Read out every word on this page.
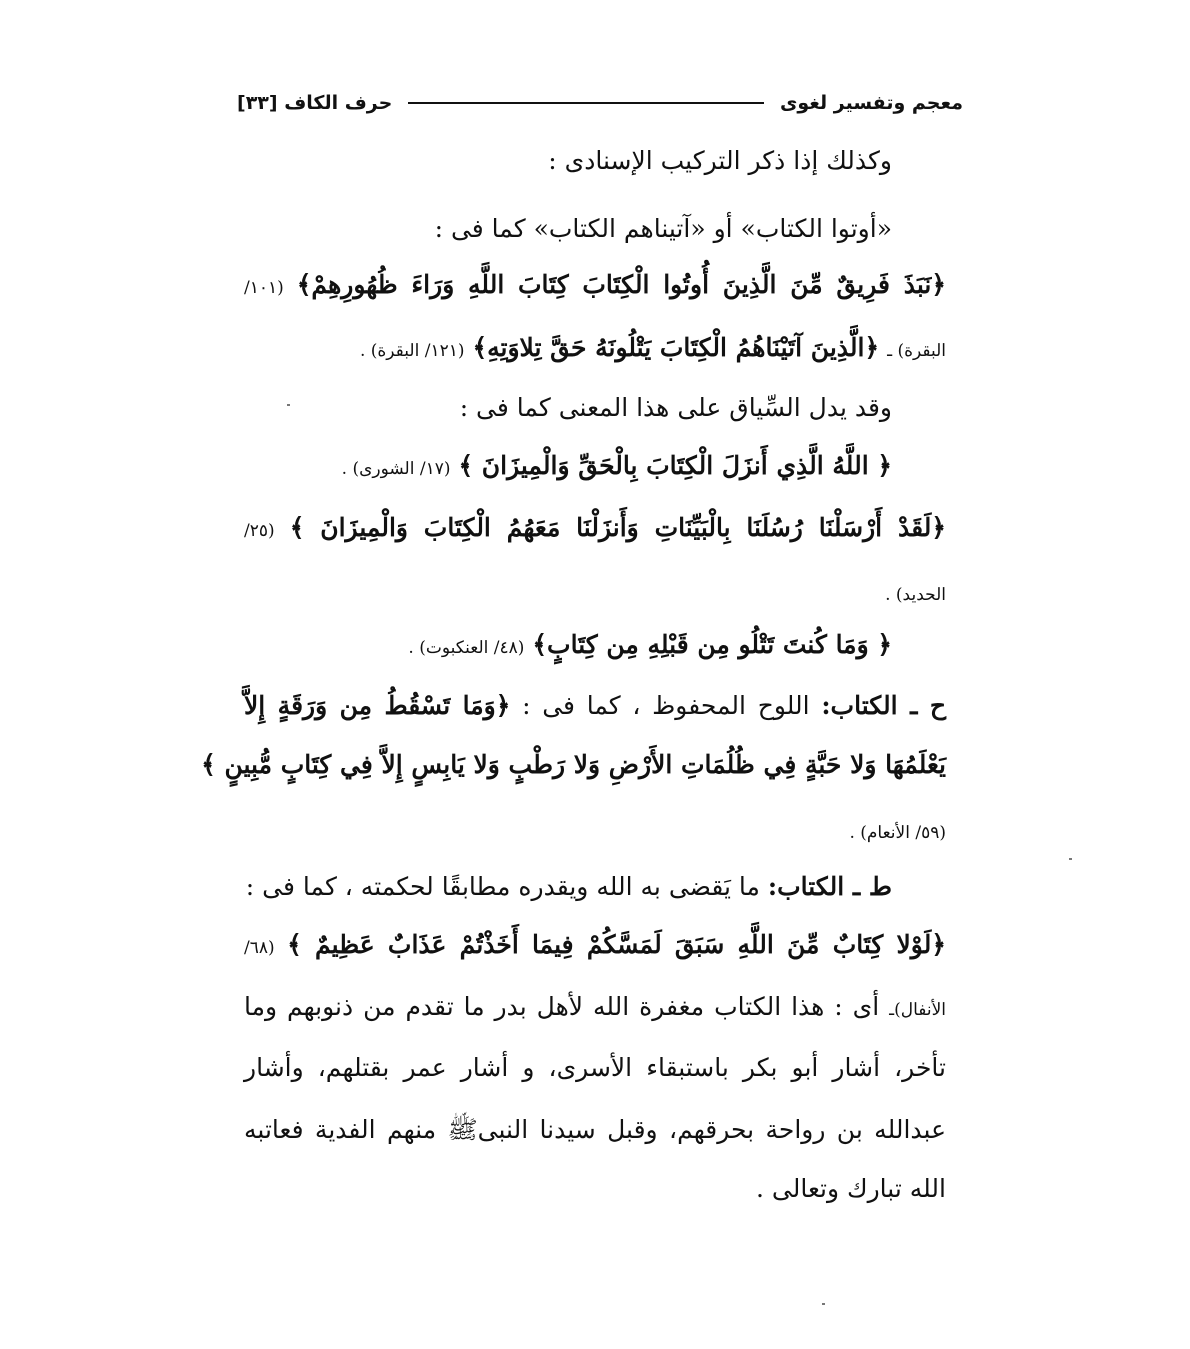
معجم وتفسير لغوى
حرف الكاف [٣٣]
وكذلك إذا ذكر التركيب الإسنادى :
«أوتوا الكتاب» أو «آتيناهم الكتاب» كما فى :
﴿نَبَذَ فَرِيقٌ مِّنَ الَّذِينَ أُوتُوا الْكِتَابَ كِتَابَ اللَّهِ وَرَاءَ ظُهُورِهِمْ﴾ (١٠١/
البقرة) ـ ﴿الَّذِينَ آتَيْنَاهُمُ الْكِتَابَ يَتْلُونَهُ حَقَّ تِلاوَتِهِ﴾ (١٢١/ البقرة) .
وقد يدل السِّياق على هذا المعنى كما فى :
﴿ اللَّهُ الَّذِي أَنزَلَ الْكِتَابَ بِالْحَقِّ وَالْمِيزَانَ ﴾ (١٧/ الشورى) .
﴿لَقَدْ أَرْسَلْنَا رُسُلَنَا بِالْبَيِّنَاتِ وَأَنزَلْنَا مَعَهُمُ الْكِتَابَ وَالْمِيزَانَ ﴾ (٢٥/
الحديد) .
﴿ وَمَا كُنتَ تَتْلُو مِن قَبْلِهِ مِن كِتَابٍ﴾ (٤٨/ العنكبوت) .
ح ـ الكتاب: اللوح المحفوظ ، كما فى : ﴿وَمَا تَسْقُطُ مِن وَرَقَةٍ إِلاَّ
يَعْلَمُهَا وَلا حَبَّةٍ فِي ظُلُمَاتِ الأَرْضِ وَلا رَطْبٍ وَلا يَابِسٍ إِلاَّ فِي كِتَابٍ مُّبِينٍ ﴾
(٥٩/ الأنعام) .
ط ـ الكتاب: ما يَقضى به الله ويقدره مطابقًا لحكمته ، كما فى :
﴿لَوْلا كِتَابٌ مِّنَ اللَّهِ سَبَقَ لَمَسَّكُمْ فِيمَا أَخَذْتُمْ عَذَابٌ عَظِيمٌ ﴾ (٦٨/
الأنفال)ـ أى : هذا الكتاب مغفرة الله لأهل بدر ما تقدم من ذنوبهم وما
تأخر، أشار أبو بكر باستبقاء الأسرى، و أشار عمر بقتلهم، وأشار
عبدالله بن رواحة بحرقهم، وقبل سيدنا النبىﷺ منهم الفدية فعاتبه
الله تبارك وتعالى .
